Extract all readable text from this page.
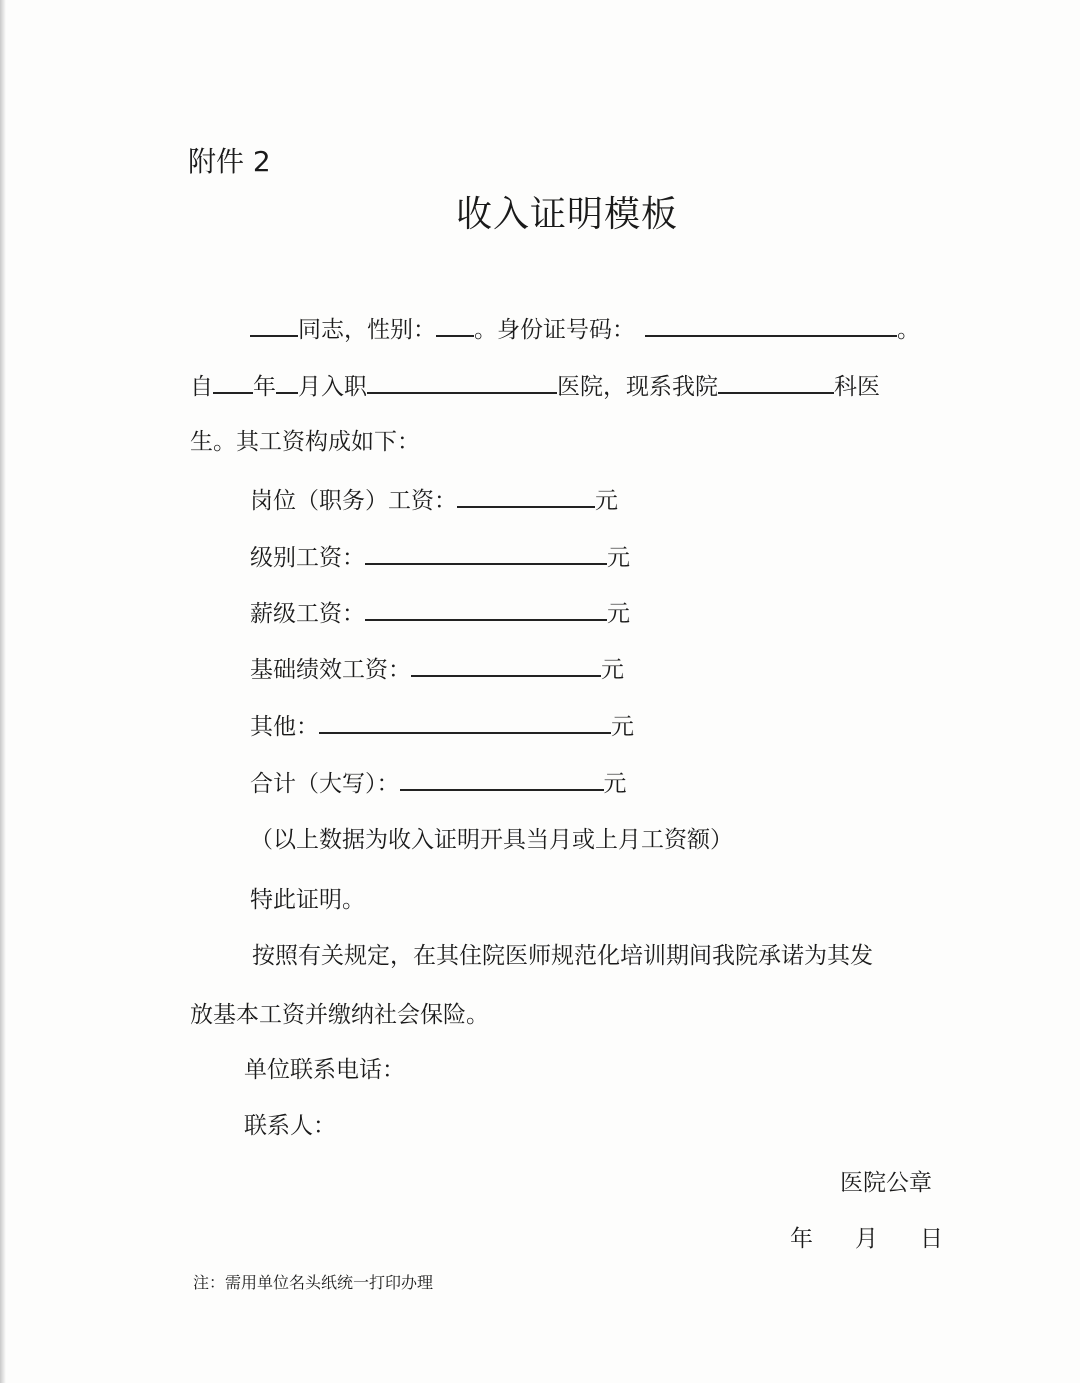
附件 2
收入证明模板
同志，性别： 。身份证号码：	。
自 年 月入职	医院，现系我院	科医
生。其工资构成如下：
岗位（职务）工资：	元
级别工资：	元
薪级工资：	元
基础绩效工资：	元
其他：	元
合计（大写）：	元
（以上数据为收入证明开具当月或上月工资额）
特此证明。
按照有关规定，在其住院医师规范化培训期间我院承诺为其发
放基本工资并缴纳社会保险。
单位联系电话：
联系人：
医院公章
年 月 日
注：需用单位名头纸统一打印办理
